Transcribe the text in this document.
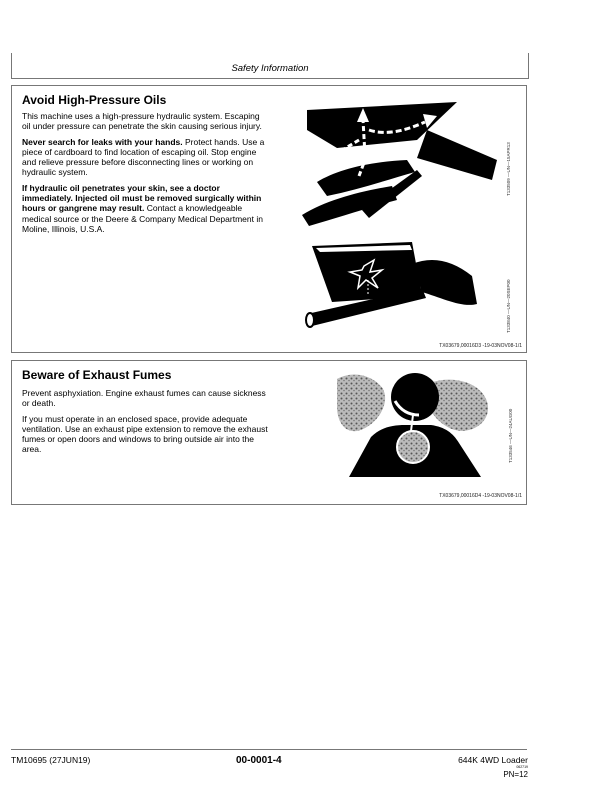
Safety Information
Avoid High-Pressure Oils

This machine uses a high-pressure hydraulic system. Escaping oil under pressure can penetrate the skin causing serious injury.

Never search for leaks with your hands. Protect hands. Use a piece of cardboard to find location of escaping oil. Stop engine and relieve pressure before disconnecting lines or working on hydraulic system.

If hydraulic oil penetrates your skin, see a doctor immediately. Injected oil must be removed surgically within hours or gangrene may result. Contact a knowledgeable medical source or the Deere & Company Medical Department in Moline, Illinois, U.S.A.

T133509 —UN—15APR13
T133840 —UN—20SEP00
TX03679,00016D3 -19-03NOV08-1/1
Beware of Exhaust Fumes

Prevent asphyxiation. Engine exhaust fumes can cause sickness or death.

If you must operate in an enclosed space, provide adequate ventilation. Use an exhaust pipe extension to remove the exhaust fumes or open doors and windows to bring outside air into the area.	T133546 —UN—24AUG00
TX03679,00016D4 -19-03NOV08-1/1
TM10695 (27JUN19)	00-0001-4	644K 4WD Loader
062719
PN=12
